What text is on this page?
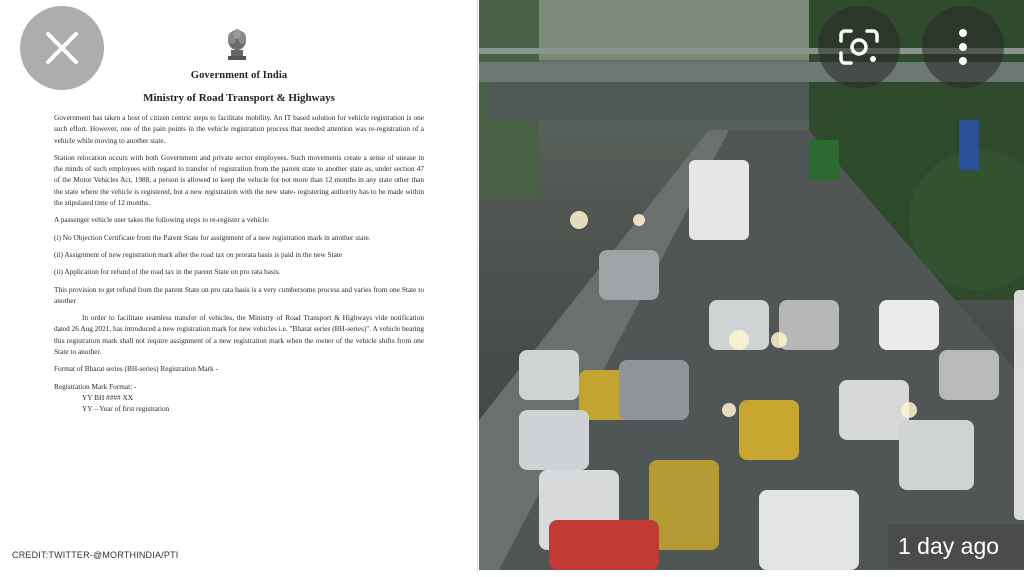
Government of India
Ministry of Road Transport & Highways

Government has taken a host of citizen centric steps to facilitate mobility. An IT based solution for vehicle registration is one such effort. However, one of the pain points in the vehicle registration process that needed attention was re-registration of a vehicle while moving to another state.

Station relocation occurs with both Government and private sector employees. Such movements create a sense of unease in the minds of such employees with regard to transfer of registration from the parent state to another state as, under section 47 of the Motor Vehicles Act, 1988, a person is allowed to keep the vehicle for not more than 12 months in any state other than the state where the vehicle is registered, but a new registration with the new state- registering authority has to be made within the stipulated time of 12 months.

A passenger vehicle user takes the following steps to re-register a vehicle:

(i) No Objection Certificate from the Parent State for assignment of a new registration mark in another state.

(ii) Assignment of new registration mark after the road tax on prorata basis is paid in the new State

(ii) Application for refund of the road tax in the parent State on pro rata basis.

This provision to get refund from the parent State on pro rata basis is a very cumbersome process and varies from one State to another

In order to facilitate seamless transfer of vehicles, the Ministry of Road Transport & Highways vide notification dated 26 Aug 2021, has introduced a new registration mark for new vehicles i.e. "Bharat series (BH-series)". A vehicle bearing this registration mark shall not require assignment of a new registration mark when the owner of the vehicle shifts from one State to another.

Format of Bharat series (BH-series) Registration Mark -

Registration Mark Format: -
YY BH #### XX
YY – Year of first registration
CREDIT:TWITTER-@MORTHINDIA/PTI	1 day ago
